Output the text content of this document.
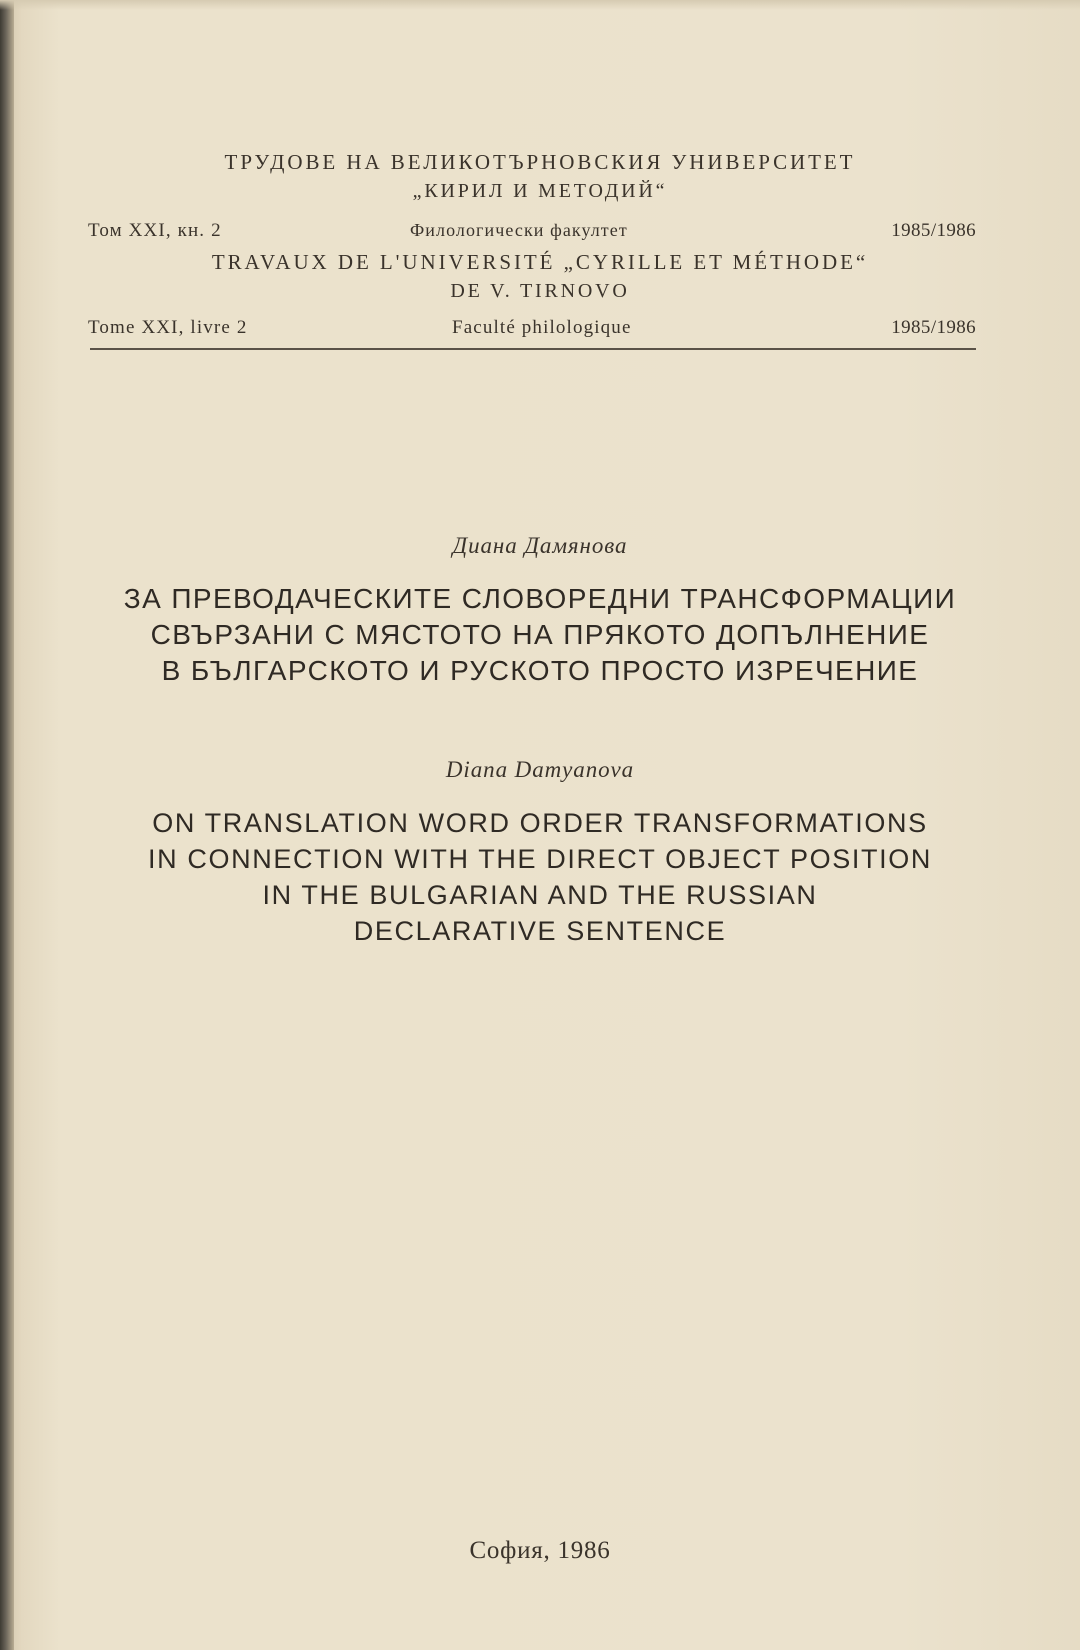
ТРУДОВЕ НА ВЕЛИКОТЪРНОВСКИЯ УНИВЕРСИТЕТ
„КИРИЛ И МЕТОДИЙ“
Том XXI, кн. 2	Филологически факултет	1985/1986
TRAVAUX DE L'UNIVERSITÉ „CYRILLE ET MÉTHODE“
DE V. TIRNOVO
Tome XXI, livre 2	Faculté philologique	1985/1986
Диана Дамянова
ЗА ПРЕВОДАЧЕСКИТЕ СЛОВОРЕДНИ ТРАНСФОРМАЦИИ
СВЪРЗАНИ С МЯСТОТО НА ПРЯКОТО ДОПЪЛНЕНИЕ
В БЪЛГАРСКОТО И РУСКОТО ПРОСТО ИЗРЕЧЕНИЕ
Diana Damyanova
ON TRANSLATION WORD ORDER TRANSFORMATIONS
IN CONNECTION WITH THE DIRECT OBJECT POSITION
IN THE BULGARIAN AND THE RUSSIAN
DECLARATIVE SENTENCE
София, 1986
